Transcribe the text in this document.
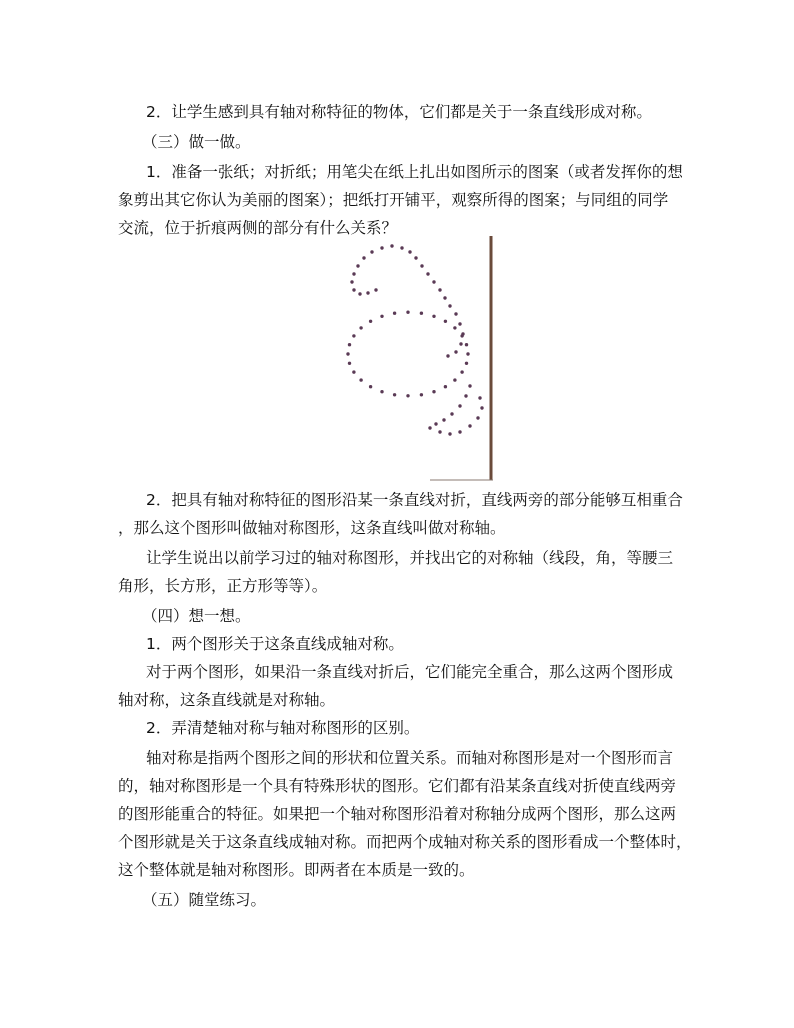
2．让学生感到具有轴对称特征的物体，它们都是关于一条直线形成对称。
（三）做一做。
1．准备一张纸；对折纸；用笔尖在纸上扎出如图所示的图案（或者发挥你的想
象剪出其它你认为美丽的图案）；把纸打开铺平，观察所得的图案；与同组的同学
交流，位于折痕两侧的部分有什么关系？
2．把具有轴对称特征的图形沿某一条直线对折，直线两旁的部分能够互相重合
，那么这个图形叫做轴对称图形，这条直线叫做对称轴。
让学生说出以前学习过的轴对称图形，并找出它的对称轴（线段，角，等腰三
角形，长方形，正方形等等）。
（四）想一想。
1．两个图形关于这条直线成轴对称。
对于两个图形，如果沿一条直线对折后，它们能完全重合，那么这两个图形成
轴对称，这条直线就是对称轴。
2．弄清楚轴对称与轴对称图形的区别。
轴对称是指两个图形之间的形状和位置关系。而轴对称图形是对一个图形而言
的，轴对称图形是一个具有特殊形状的图形。它们都有沿某条直线对折使直线两旁
的图形能重合的特征。如果把一个轴对称图形沿着对称轴分成两个图形，那么这两
个图形就是关于这条直线成轴对称。而把两个成轴对称关系的图形看成一个整体时，
这个整体就是轴对称图形。即两者在本质是一致的。
（五）随堂练习。
